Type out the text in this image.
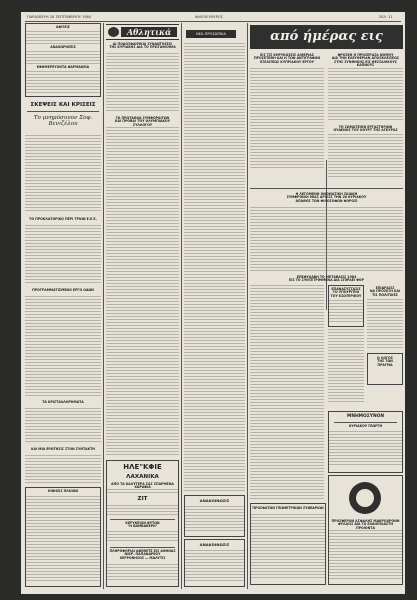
ΠΑΡΑΣΚΕΥΗ 28 ΣΕΠΤΕΜΒΡΙΟΥ 1984	ΦΙΛΕΛΕΥΘΕΡΟΣ	ΣΕΛ. 11
ΑΦΙΞΕΙΣ
ΑΝΑΧΩΡΗΣΕΙΣ
ΕΦΗΜΕΡΕΥΟΝΤΑ ΦΑΡΜΑΚΕΙΑ
ΣΚΕΨΕΙΣ ΚΑΙ ΚΡΙΣΕΙΣ
Το μνημόσυνον Σοφ. Βενιζέλου
ΤΟ ΠΡΟΚΛΑΤΟΡΙΚΟ ΠΕΡΙ ΤΡΙΩΝ Ε.Ε.Ε.
ΠΡΟΓΡΑΜΜΑΤΙΣΜΕΝΟ ΕΡΓΟ ΟΔΩΝ
ΤΑ ΚΡΙΣΤΑΛΛΟΡΗΜΑΤΑ
ΚΑΙ ΜΙΑ ΕΡΩΤΗΣΙΣ ΣΤΟΝ ΣΥΝΤΑΚΤΗ
ΚΙΝΗΣΙΣ ΠΛΟΙΩΝ
Αθλητικά
ΑΙ ΠΟΔΟΣΦΑΙΡΙΚΑΙ ΣΥΝΑΝΤΗΣΕΙΣ
ΤΗΣ ΚΥΡΙΑΚΗΣ ΔΙΑ ΤΟ ΠΡΩΤΑΘΛΗΜΑ
ΤΑ ΠΡΩΤΑΘΛΑ ΣΥΜΦΟΡΑΙΤΩΝ
ΚΑΙ ΠΡΟΒΑΙ ΤΟΥ ΟΛΥΜΠΙΑΚΟΥ ΣΥΛΛΟΓΟΥ
ΗΛΕ"ΚΦΙΕ
ΛΑΧΑΝΙΚΑ
ΑΠΟ ΤΑ ΚΑΛΥΤΕΡΑ ΣΑΣ ΣΠΑΡΜΕΝΑ ΧΩΡΑΦΙΑ
ΖΙΤ
ΚΕΡΥΚΕΙΟΝ ΦΥΤΩΝ
"Η ΒΑΜΒΑΚΕΡΗ"
ΠΛΗΡΟΦΟΡΙΑΙ ΑΦΕΘΕΤΕ ΕΙΣ ΑΘΗΝΑΣ
ΝΙΚΡ. ΠΑΠΑΝΔΡΕΟΥ
ΧΕΡΡΟΝΗΣΟΣ — ΜΑΛΥΤΙΣ
ΝΕΑ ΠΡΟΣΩΠΙΚΑ
ΑΝΑΚΟΙΝΩΣΙΣ
ΑΝΑΚΟΙΝΩΣΙΣ
από ήμέρας εις
ΕΙΣ ΤΙΣ ΚΗΡΥΚΩΣΕΙΣ ΑΙΘΕΡΙΑΣ
ΠΡΟΣΕΤΕΘΗ ΚΑΙ Η ΤΩΝ ΑΝΤΙΓΡΑΦΩΝ
ΕΞΕΛΙΞΕΩΣ ΚΥΠΡΙΑΚΟΥ ΕΡΓΟΥ
ΦΡΟΣΕΗ Η ΠΡΟΣΕΡΑΣΑ ΝΟΜΟΥ
ΔΙΑ ΤΗΝ ΕΛΕΥΘΕΡΙΑΝ ΑΠΟΣΚΛΕΙΣΕΩΣ
ΣΤΗΣ ΣΥΝΘΗΚΗΣ ΕΙΣ ΘΕΣΣΑΛΙΚΟΥΣ ΚΑΠΝΟΥΣ
ΤΟ ΣΩΜΑΤΕΙΟΝ ΕΡΓΑΣΤΗΡΙΩΝ
ΟΥΔΕΝΟΣ ΤΟΥ ΚΟΥΡΤ ΤΗΣ ΑΓΚΥΡΑΣ
Η ΛΕΓΟΜΕΝΗ ΟΝΟΜΑΤΙΚΗ ΣΚΙΑΚΗ
ΣΥΜΦΡΟΝΟΙ ΜΙΑΣ ΑΡΧΙΣΣ ΤΗΝ 26 ΚΥΡΙΑΚΟΥ
ΑΠΑΘΟΣ ΤΩΝ ΦΙΛΟΣΟΦΩΝ ΦΟΡΟΣΙ
ΕΠΕΦΥΛΑΒΗ ΤΟ ΜΕΤΑΒΑΣΙΣ 1984
ΕΙΣ ΤΟ ΣΥΝΤΕΤΡΙΜΜΕΝΑ ΔΙΑ ΣΠΙΡΑΕΙ ΦΟΡ
ΕΠΑΝΑΣΥΣΤΑΣΙΣ
ΤΟ ΥΠΟΥΡΓΕΙΟ
ΤΟΥ ΕΣΩΤΕΡΙΚΟΥ
ΕΠΙΔΡΑΣΙΣ
ΝΑ ΠΡΟΣΕΞΗ ΚΑΙ
ΤΙΣ ΠΟΛΙΤΙΚΕΣ
Ο ΛΟΓΟΣ
ΤΗΣ ΤΩΝ
ΠΡΑΓΜΑ
ΜΝΗΜΟΣΥΝΟΝ
ΚΥΡΙΑΚΟΥ ΓΕΩΡΓΗ
ΠΡΟΣΦΑΤΩΝ ΓΕΩΜΕΤΡΙΚΩΝ ΣΥΝΕΔΡΙΩΝ
ΠΡΟΣΦΕΡΟΝ ΑΣΦΑΛΗΣ ΜΑΚΡΟΧΡΟΝΗ
ΦΥΛΑΞΙΣ ΔΙΑ ΤΑ ΕΛΑΙΟΠΛΑΣΤΗ ΠΡΟΙΟΝΤΑ
